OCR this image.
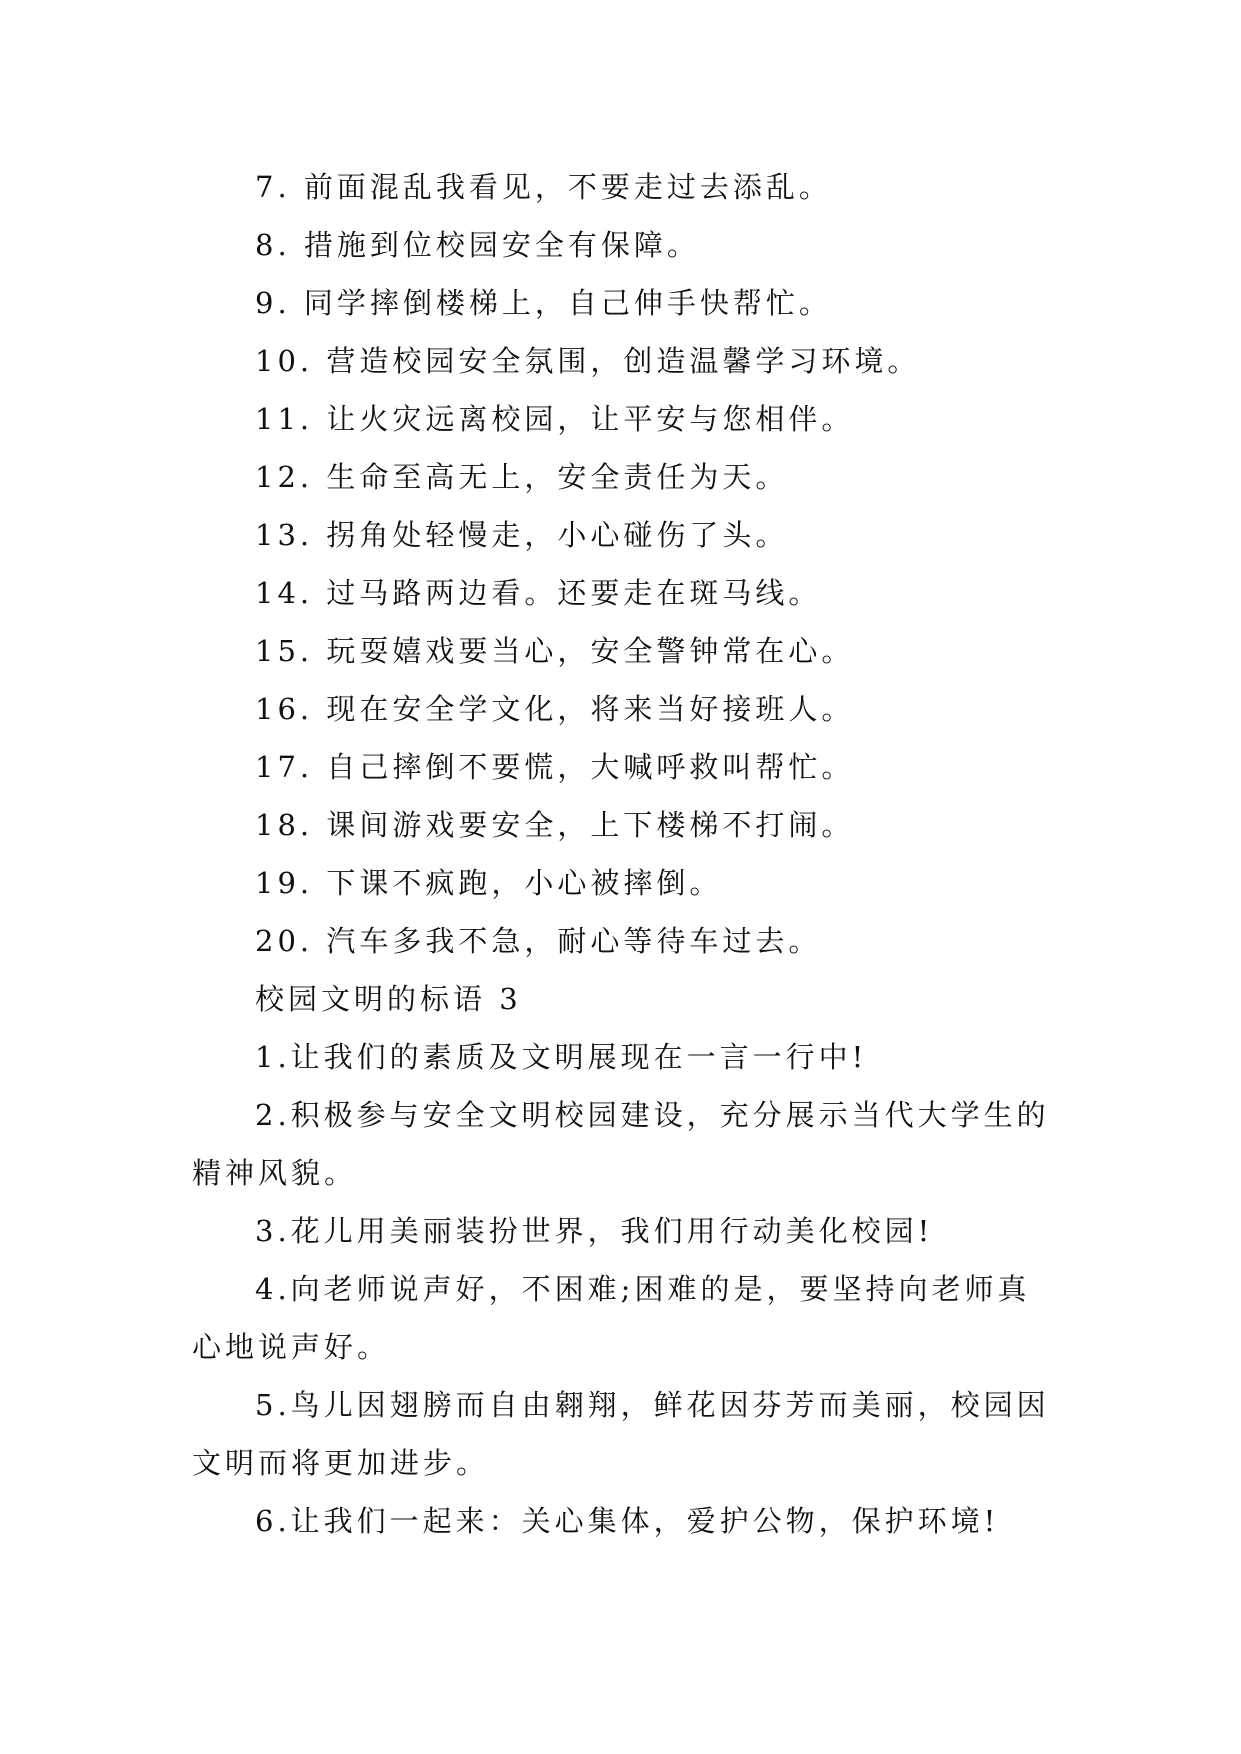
7. 前面混乱我看见，不要走过去添乱。
8. 措施到位校园安全有保障。
9. 同学摔倒楼梯上，自己伸手快帮忙。
10. 营造校园安全氛围，创造温馨学习环境。
11. 让火灾远离校园，让平安与您相伴。
12. 生命至高无上，安全责任为天。
13. 拐角处轻慢走，小心碰伤了头。
14. 过马路两边看。还要走在斑马线。
15. 玩耍嬉戏要当心，安全警钟常在心。
16. 现在安全学文化，将来当好接班人。
17. 自己摔倒不要慌，大喊呼救叫帮忙。
18. 课间游戏要安全，上下楼梯不打闹。
19. 下课不疯跑，小心被摔倒。
20. 汽车多我不急，耐心等待车过去。
校园文明的标语 3
1.让我们的素质及文明展现在一言一行中!
2.积极参与安全文明校园建设，充分展示当代大学生的
精神风貌。
3.花儿用美丽装扮世界，我们用行动美化校园!
4.向老师说声好，不困难;困难的是，要坚持向老师真
心地说声好。
5.鸟儿因翅膀而自由翱翔，鲜花因芬芳而美丽，校园因
文明而将更加进步。
6.让我们一起来：关心集体，爱护公物，保护环境!
